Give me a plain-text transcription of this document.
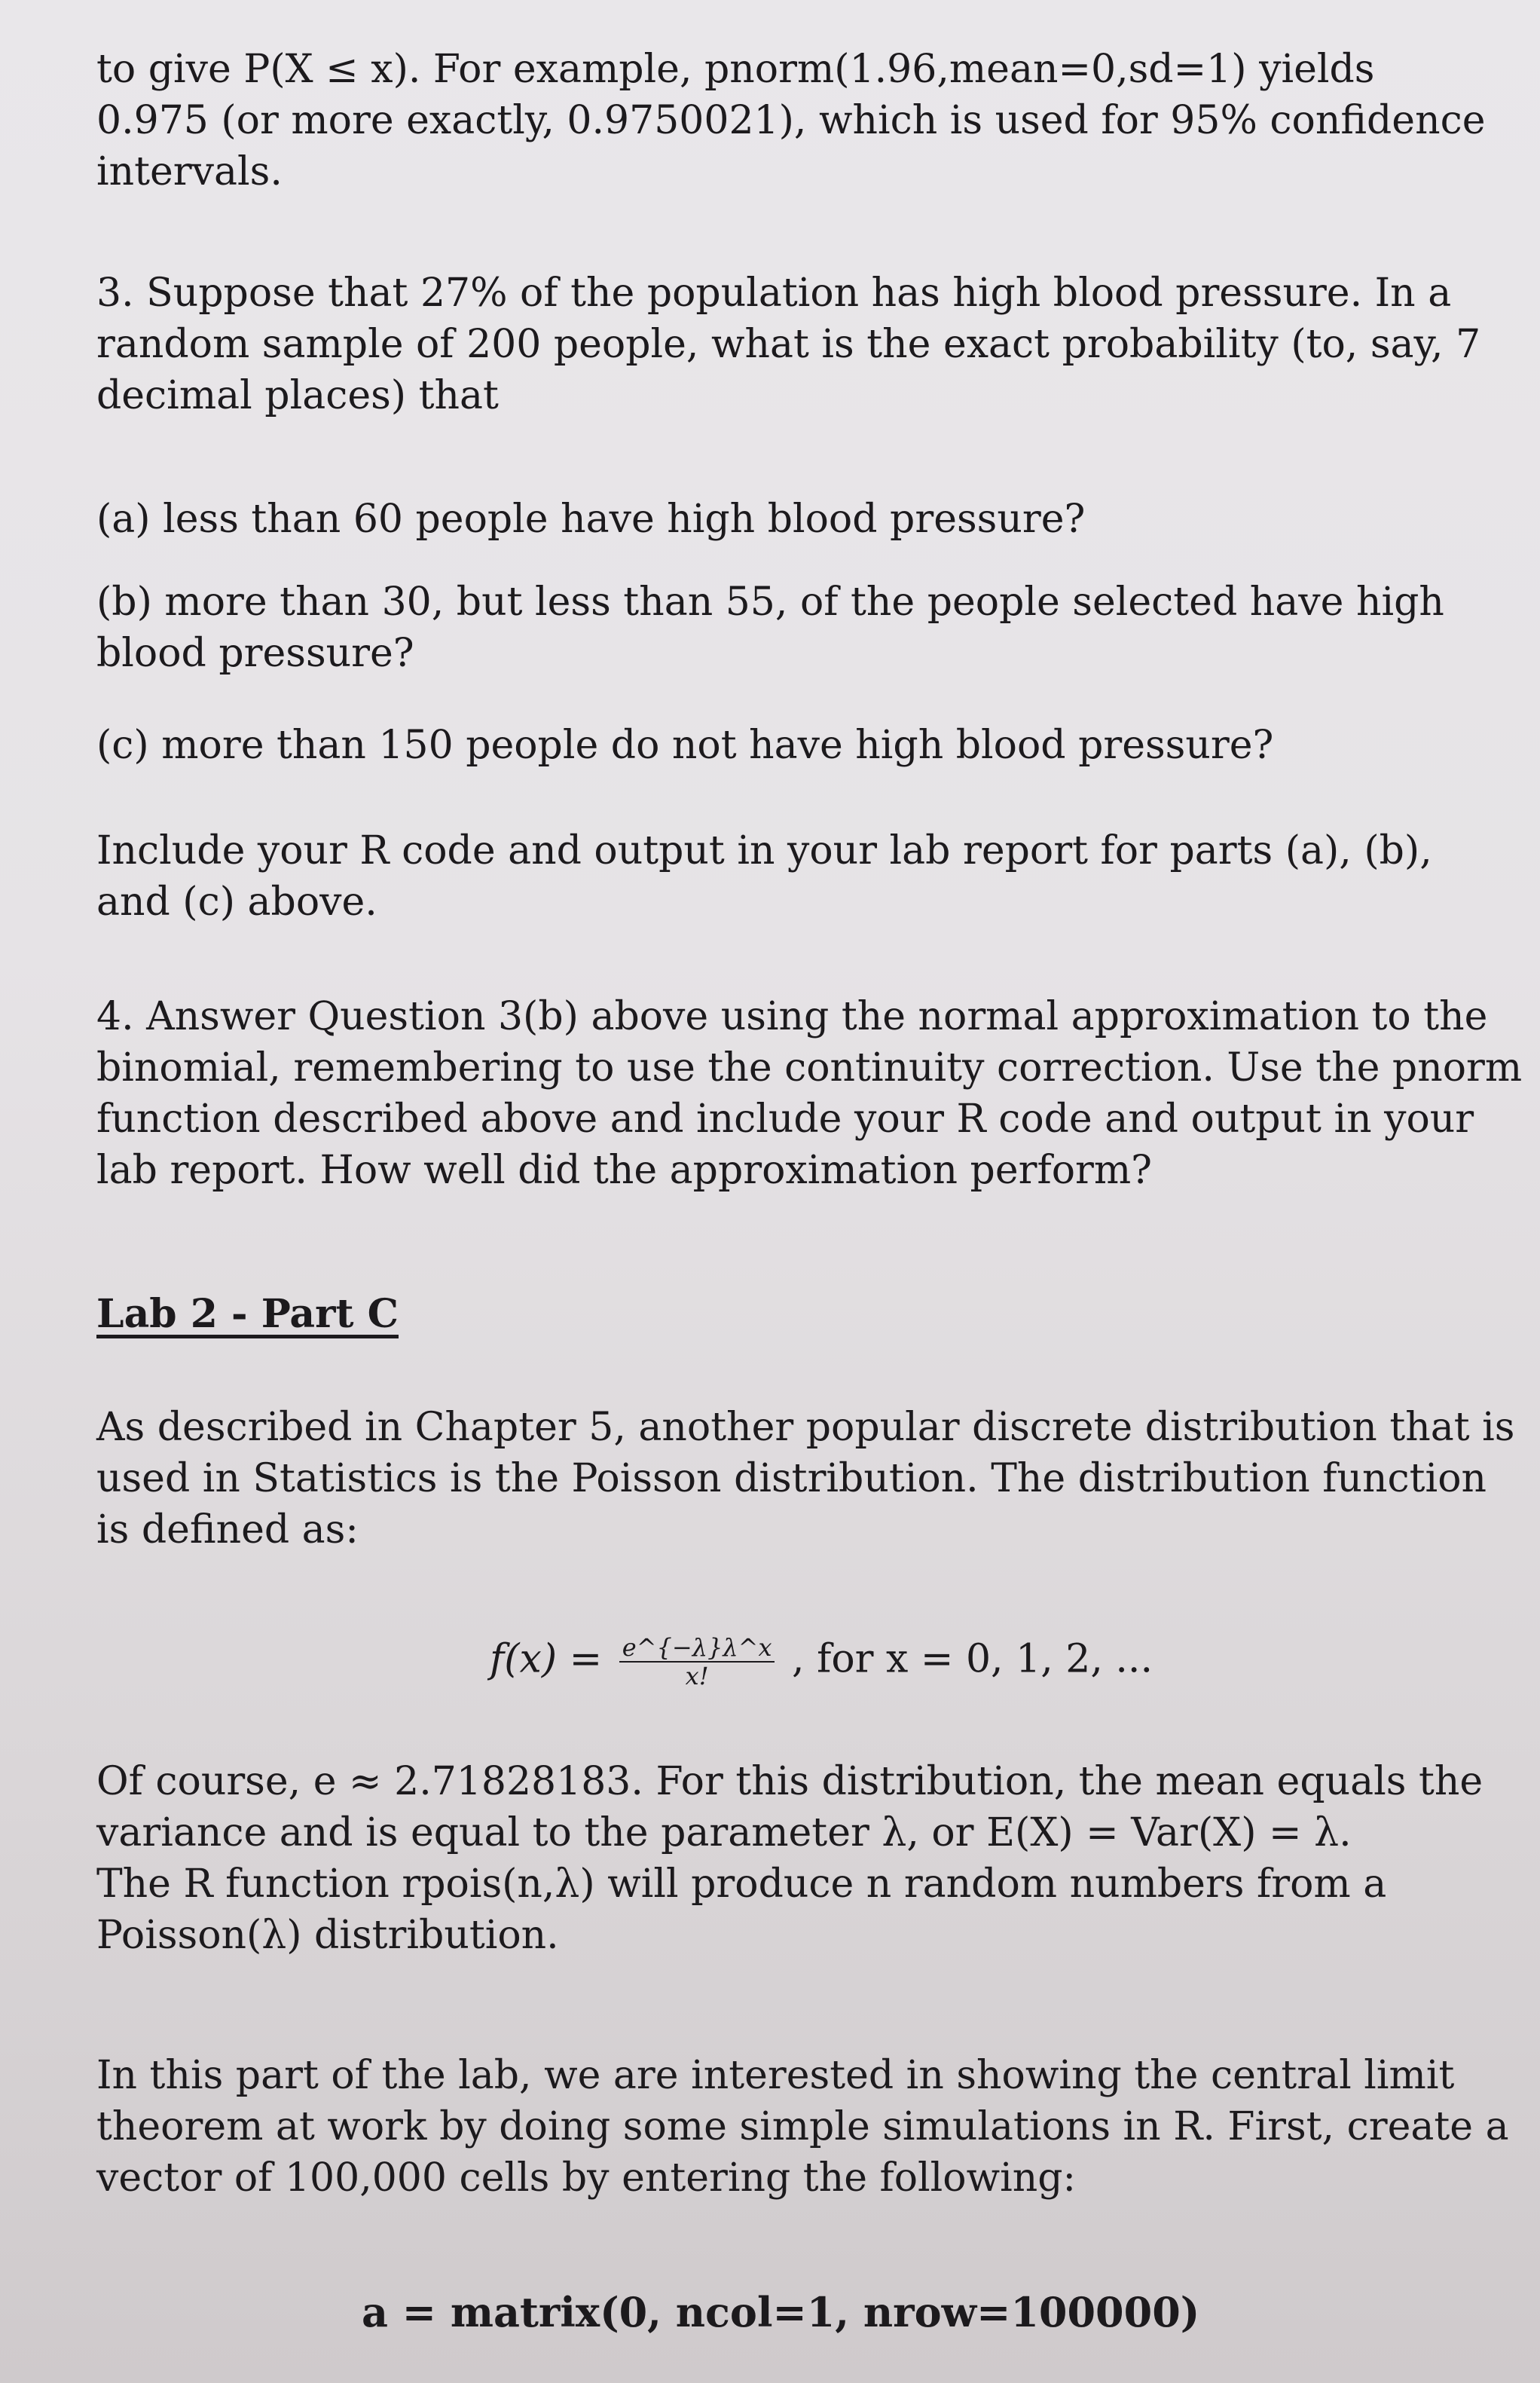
to give P(X ≤ x). For example, pnorm(1.96,mean=0,sd=1) yields
0.975 (or more exactly, 0.9750021), which is used for 95% confidence
intervals.
3. Suppose that 27% of the population has high blood pressure. In a
random sample of 200 people, what is the exact probability (to, say, 7
decimal places) that
(a) less than 60 people have high blood pressure?
(b) more than 30, but less than 55, of the people selected have high
blood pressure?
(c) more than 150 people do not have high blood pressure?
Include your R code and output in your lab report for parts (a), (b),
and (c) above.
4. Answer Question 3(b) above using the normal approximation to the
binomial, remembering to use the continuity correction. Use the pnorm
function described above and include your R code and output in your
lab report. How well did the approximation perform?
Lab 2 - Part C
As described in Chapter 5, another popular discrete distribution that is
used in Statistics is the Poisson distribution. The distribution function
is defined as:
$f(x) = \frac{e\^{}\{-\lambda\}\lambda\^{}x}{x!}$ , for x = 0, 1, 2, ...
Of course, e ≈ 2.71828183. For this distribution, the mean equals the
variance and is equal to the parameter λ, or E(X) = Var(X) = λ.
The R function rpois(n,λ) will produce n random numbers from a
Poisson(λ) distribution.
In this part of the lab, we are interested in showing the central limit
theorem at work by doing some simple simulations in R. First, create a
vector of 100,000 cells by entering the following:
a = matrix(0, ncol=1, nrow=100000)
